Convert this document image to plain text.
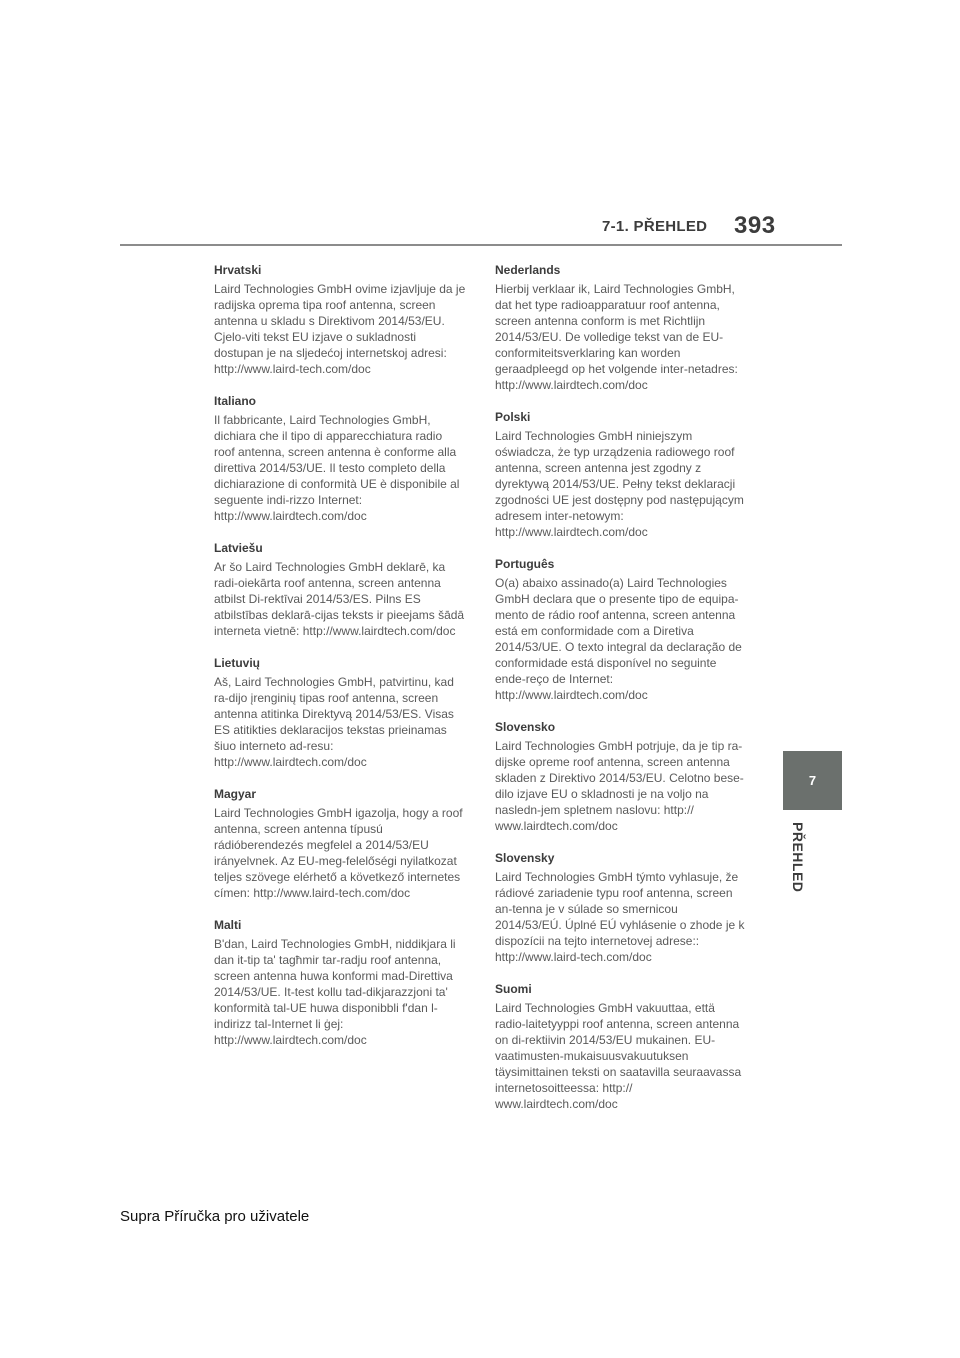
7-1. PŘEHLED 393

Hrvatski

Laird Technologies GmbH ovime izjavljuje da je radijska oprema tipa roof antenna, screen antenna u skladu s Direktivom 2014/53/EU. Cjelo-viti tekst EU izjave o sukladnosti dostupan je na sljedećoj internetskoj adresi: http://www.laird-tech.com/doc

Italiano

Il fabbricante, Laird Technologies GmbH, dichiara che il tipo di apparecchiatura radio roof antenna, screen antenna è conforme alla direttiva 2014/53/UE. Il testo completo della dichiarazione di conformità UE è disponibile al seguente indi-rizzo Internet: http://www.lairdtech.com/doc

Latviešu

Ar šo Laird Technologies GmbH deklarē, ka radi-oiekārta roof antenna, screen antenna atbilst Di-rektīvai 2014/53/ES. Pilns ES atbilstības deklarā-cijas teksts ir pieejams šādā interneta vietnē: http://www.lairdtech.com/doc

Lietuvių

Aš, Laird Technologies GmbH, patvirtinu, kad ra-dijo įrenginių tipas roof antenna, screen antenna atitinka Direktyvą 2014/53/ES. Visas ES atitikties deklaracijos tekstas prieinamas šiuo interneto ad-resu: http://www.lairdtech.com/doc

Magyar

Laird Technologies GmbH igazolja, hogy a roof antenna, screen antenna típusú rádióberendezés megfelel a 2014/53/EU irányelvnek. Az EU-meg-felelőségi nyilatkozat teljes szövege elérhető a következő internetes címen: http://www.laird-tech.com/doc

Malti

B'dan, Laird Technologies GmbH, niddikjara li dan it-tip ta' tagħmir tar-radju roof antenna, screen antenna huwa konformi mad-Direttiva 2014/53/UE. It-test kollu tad-dikjarazzjoni ta' konformità tal-UE huwa disponibbli f'dan l-indirizz tal-Internet li ġej: http://www.lairdtech.com/doc

Nederlands

Hierbij verklaar ik, Laird Technologies GmbH, dat het type radioapparatuur roof antenna, screen antenna conform is met Richtlijn 2014/53/EU. De volledige tekst van de EU-conformiteitsverklaring kan worden geraadpleegd op het volgende inter-netadres: http://www.lairdtech.com/doc

Polski

Laird Technologies GmbH niniejszym oświadcza, że typ urządzenia radiowego roof antenna, screen antenna jest zgodny z dyrektywą 2014/53/UE. Pełny tekst deklaracji zgodności UE jest dostępny pod następującym adresem inter-netowym: http://www.lairdtech.com/doc

Português

O(a) abaixo assinado(a) Laird Technologies GmbH declara que o presente tipo de equipa-mento de rádio roof antenna, screen antenna está em conformidade com a Diretiva 2014/53/UE. O texto integral da declaração de conformidade está disponível no seguinte ende-reço de Internet: http://www.lairdtech.com/doc

Slovensko

Laird Technologies GmbH potrjuje, da je tip ra-dijske opreme roof antenna, screen antenna skladen z Direktivo 2014/53/EU. Celotno bese-dilo izjave EU o skladnosti je na voljo na nasledn-jem spletnem naslovu: http:// www.lairdtech.com/doc

Slovensky

Laird Technologies GmbH týmto vyhlasuje, že rádiové zariadenie typu roof antenna, screen an-tenna je v súlade so smernicou 2014/53/EÚ. Úplné EÚ vyhlásenie o zhode je k dispozícii na tejto internetovej adrese:: http://www.laird-tech.com/doc

Suomi

Laird Technologies GmbH vakuuttaa, että radio-laitetyyppi roof antenna, screen antenna on di-rektiivin 2014/53/EU mukainen. EU-vaatimusten-mukaisuusvakuutuksen täysimittainen teksti on saatavilla seuraavassa internetosoitteessa: http:// www.lairdtech.com/doc

7
PŘEHLED
Supra Příručka pro uživatele
